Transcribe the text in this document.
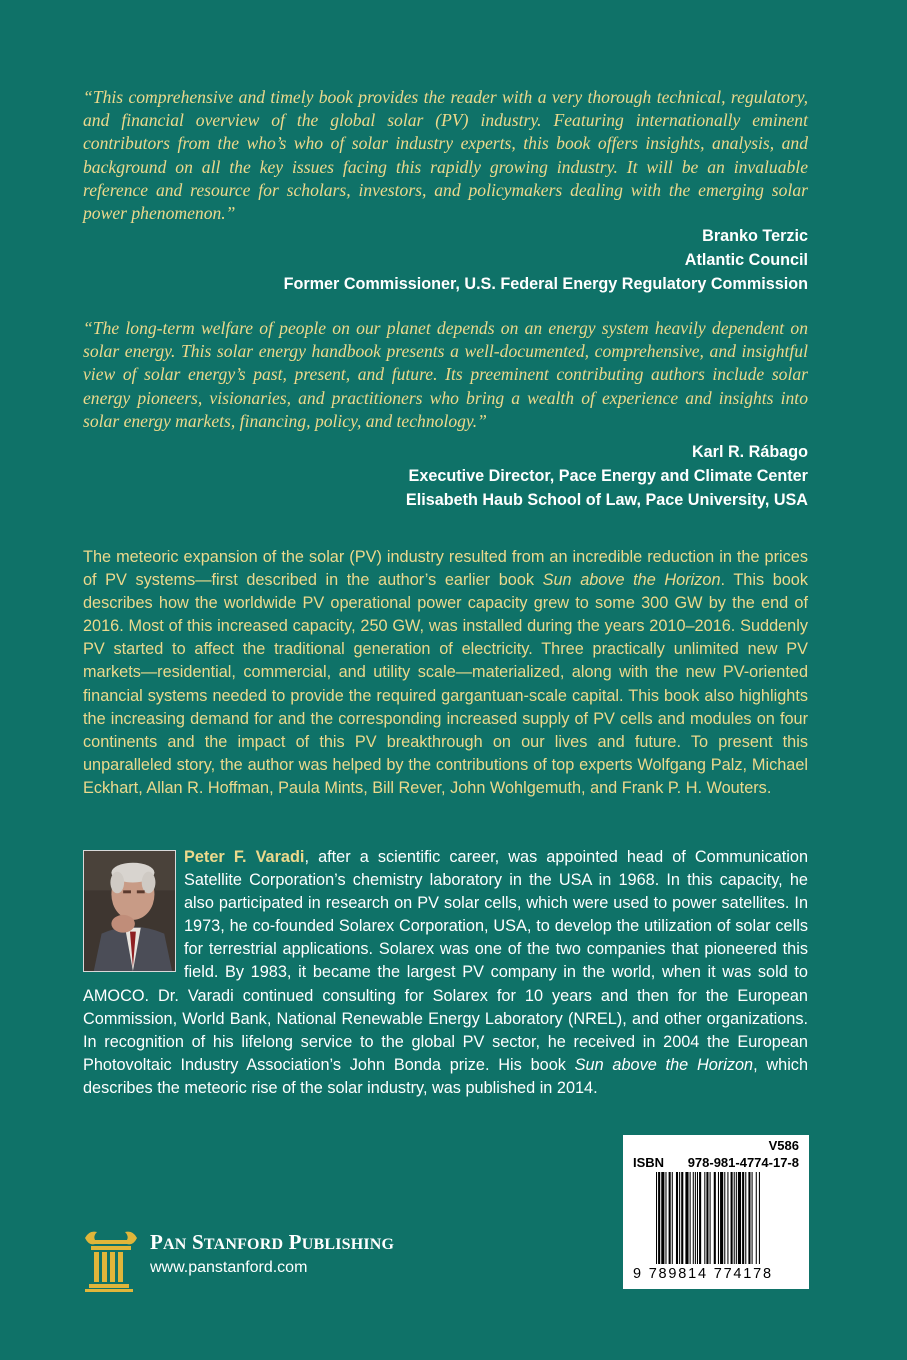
“This comprehensive and timely book provides the reader with a very thorough technical, regulatory, and financial overview of the global solar (PV) industry. Featuring internationally eminent contributors from the who’s who of solar industry experts, this book offers insights, analysis, and background on all the key issues facing this rapidly growing industry. It will be an invaluable reference and resource for scholars, investors, and policymakers dealing with the emerging solar power phenomenon.”

Branko Terzic
Atlantic Council
Former Commissioner, U.S. Federal Energy Regulatory Commission

“The long-term welfare of people on our planet depends on an energy system heavily dependent on solar energy. This solar energy handbook presents a well-documented, comprehensive, and insightful view of solar energy’s past, present, and future. Its preeminent contributing authors include solar energy pioneers, visionaries, and practitioners who bring a wealth of experience and insights into solar energy markets, financing, policy, and technology.”

Karl R. Rábago
Executive Director, Pace Energy and Climate Center
Elisabeth Haub School of Law, Pace University, USA

The meteoric expansion of the solar (PV) industry resulted from an incredible reduction in the prices of PV systems—first described in the author’s earlier book Sun above the Horizon. This book describes how the worldwide PV operational power capacity grew to some 300 GW by the end of 2016. Most of this increased capacity, 250 GW, was installed during the years 2010–2016. Suddenly PV started to affect the traditional generation of electricity. Three practically unlimited new PV markets—residential, commercial, and utility scale—materialized, along with the new PV-oriented financial systems needed to provide the required gargantuan-scale capital. This book also highlights the increasing demand for and the corresponding increased supply of PV cells and modules on four continents and the impact of this PV breakthrough on our lives and future. To present this unparalleled story, the author was helped by the contributions of top experts Wolfgang Palz, Michael Eckhart, Allan R. Hoffman, Paula Mints, Bill Rever, John Wohlgemuth, and Frank P. H. Wouters.

Peter F. Varadi, after a scientific career, was appointed head of Communication Satellite Corporation’s chemistry laboratory in the USA in 1968. In this capacity, he also participated in research on PV solar cells, which were used to power satellites. In 1973, he co-founded Solarex Corporation, USA, to develop the utilization of solar cells for terrestrial applications. Solarex was one of the two companies that pioneered this field. By 1983, it became the largest PV company in the world, when it was sold to AMOCO. Dr. Varadi continued consulting for Solarex for 10 years and then for the European Commission, World Bank, National Renewable Energy Laboratory (NREL), and other organizations. In recognition of his lifelong service to the global PV sector, he received in 2004 the European Photovoltaic Industry Association’s John Bonda prize. His book Sun above the Horizon, which describes the meteoric rise of the solar industry, was published in 2014.

PAN STANFORD PUBLISHING
www.panstanford.com
V586
ISBN 978-981-4774-17-8
9 789814 774178
